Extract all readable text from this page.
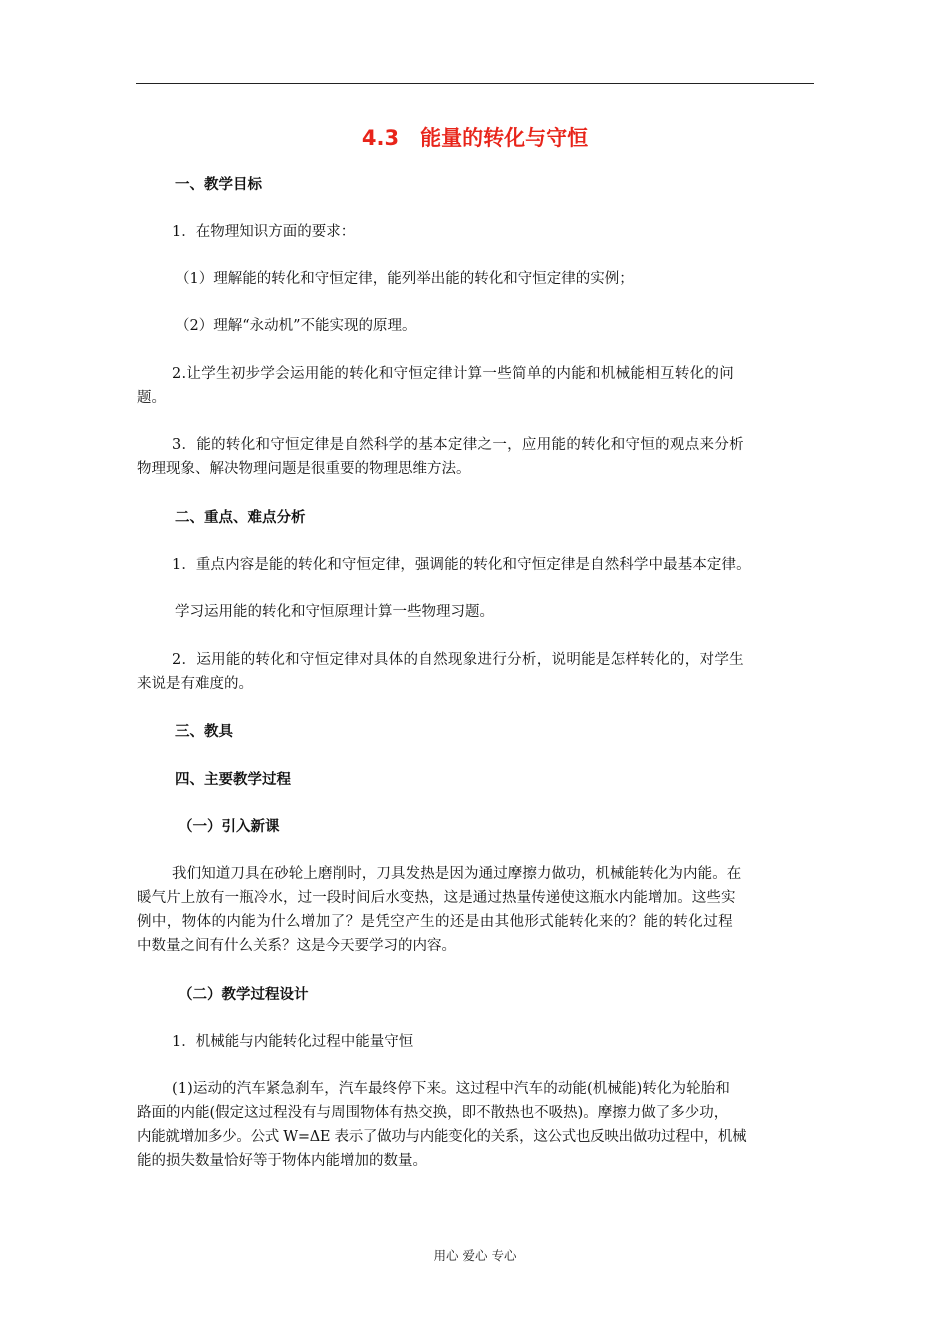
4.3　能量的转化与守恒
一、教学目标
1．在物理知识方面的要求：
（1）理解能的转化和守恒定律，能列举出能的转化和守恒定律的实例；
（2）理解“永动机”不能实现的原理。
2.让学生初步学会运用能的转化和守恒定律计算一些简单的内能和机械能相互转化的问
题。
3．能的转化和守恒定律是自然科学的基本定律之一，应用能的转化和守恒的观点来分析
物理现象、解决物理问题是很重要的物理思维方法。
二、重点、难点分析
1．重点内容是能的转化和守恒定律，强调能的转化和守恒定律是自然科学中最基本定律。
学习运用能的转化和守恒原理计算一些物理习题。
2．运用能的转化和守恒定律对具体的自然现象进行分析，说明能是怎样转化的，对学生
来说是有难度的。
三、教具
四、主要教学过程
（一）引入新课
我们知道刀具在砂轮上磨削时，刀具发热是因为通过摩擦力做功，机械能转化为内能。在
暖气片上放有一瓶冷水，过一段时间后水变热，这是通过热量传递使这瓶水内能增加。这些实
例中，物体的内能为什么增加了？是凭空产生的还是由其他形式能转化来的？能的转化过程
中数量之间有什么关系？这是今天要学习的内容。
（二）教学过程设计
1．机械能与内能转化过程中能量守恒
(1)运动的汽车紧急刹车，汽车最终停下来。这过程中汽车的动能(机械能)转化为轮胎和
路面的内能(假定这过程没有与周围物体有热交换，即不散热也不吸热)。摩擦力做了多少功，
内能就增加多少。公式 W=ΔE 表示了做功与内能变化的关系，这公式也反映出做功过程中，机械
能的损失数量恰好等于物体内能增加的数量。
用心 爱心 专心
